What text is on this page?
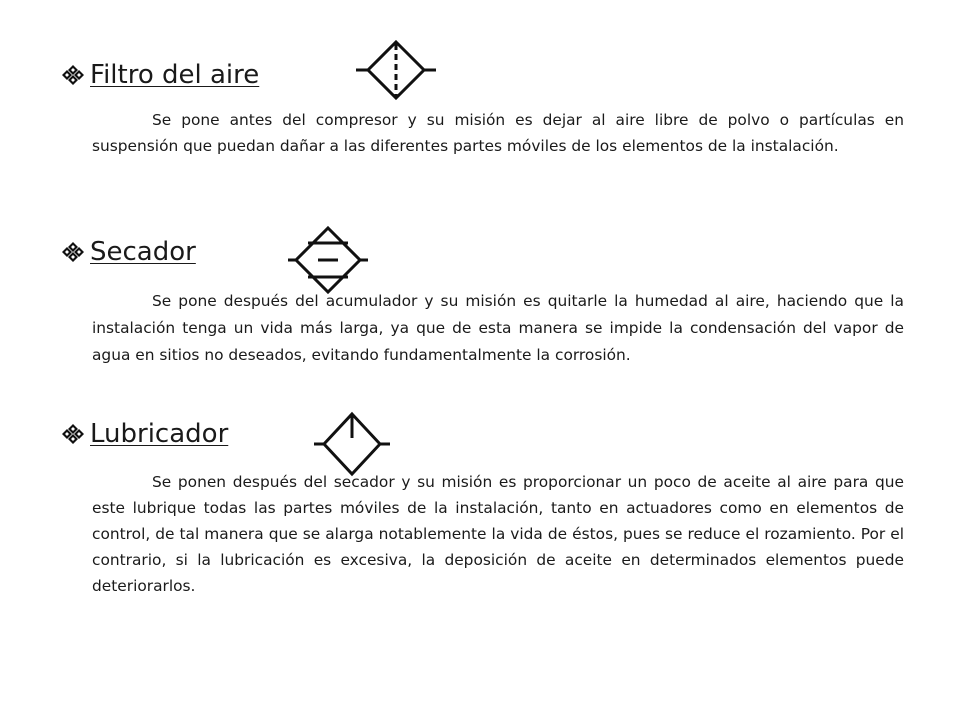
Filtro del aire

Se pone antes del compresor y su misión es dejar al aire libre de polvo o partículas en suspensión que puedan dañar a las diferentes partes móviles de los elementos de la instalación.

Secador

Se pone después del acumulador y su misión es quitarle la humedad al aire, haciendo que la instalación tenga un vida más larga, ya que de esta manera se impide la condensación del vapor de agua en sitios no deseados, evitando fundamentalmente la corrosión.

Lubricador

Se ponen después del secador y su misión es proporcionar un poco de aceite al aire para que este lubrique todas las partes móviles de la instalación, tanto en actuadores como en elementos de control, de tal manera que se alarga notablemente la vida de éstos, pues se reduce el rozamiento. Por el contrario, si la lubricación es excesiva, la deposición de aceite en determinados elementos puede deteriorarlos.
